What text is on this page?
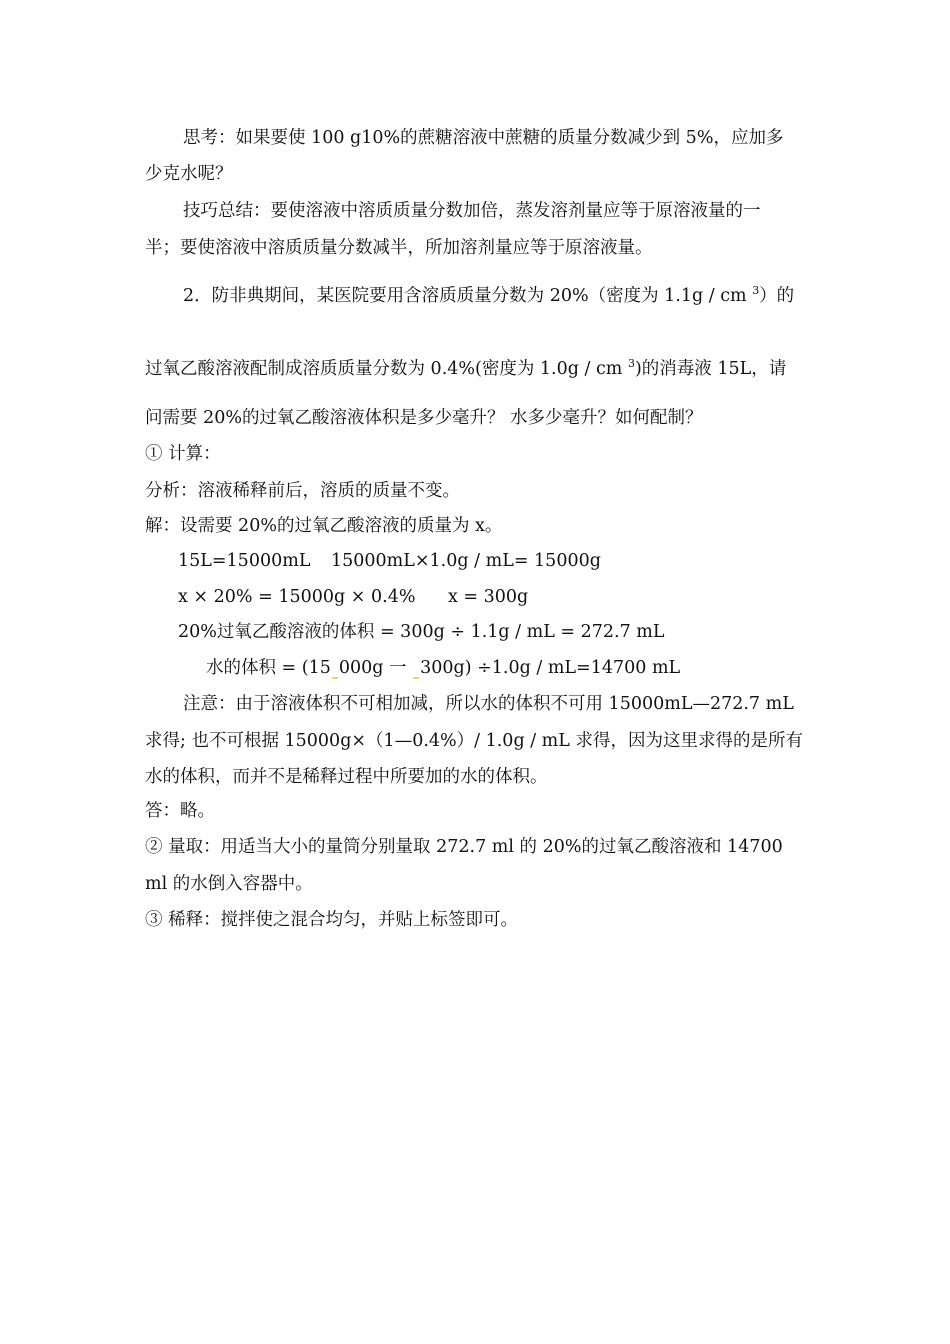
思考：如果要使 100 g10%的蔗糖溶液中蔗糖的质量分数减少到 5%，应加多
少克水呢？
技巧总结：要使溶液中溶质质量分数加倍，蒸发溶剂量应等于原溶液量的一
半；要使溶液中溶质质量分数减半，所加溶剂量应等于原溶液量。
2．防非典期间，某医院要用含溶质质量分数为 20%（密度为 1.1g / cm $^3$）的
过氧乙酸溶液配制成溶质质量分数为 0.4%(密度为 1.0g / cm $^3$)的消毒液 15L，请
问需要 20%的过氧乙酸溶液体积是多少毫升？ 水多少毫升？如何配制？
① 计算：
分析：溶液稀释前后，溶质的质量不变。
解：设需要 20%的过氧乙酸溶液的质量为 x。
15L=15000mL 15000mL×1.0g / mL= 15000g
x × 20% = 15000g × 0.4% x = 300g
20%过氧乙酸溶液的体积 = 300g ÷ 1.1g / mL = 272.7 mL
水的体积 = (15 000g 一 300g) ÷1.0g / mL=14700 mL
注意：由于溶液体积不可相加减，所以水的体积不可用 15000mL—272.7 mL
求得; 也不可根据 15000g×（1—0.4%）/ 1.0g / mL 求得，因为这里求得的是所有
水的体积，而并不是稀释过程中所要加的水的体积。
答：略。
② 量取：用适当大小的量筒分别量取 272.7 ml 的 20%的过氧乙酸溶液和 14700
ml 的水倒入容器中。
③ 稀释：搅拌使之混合均匀，并贴上标签即可。
